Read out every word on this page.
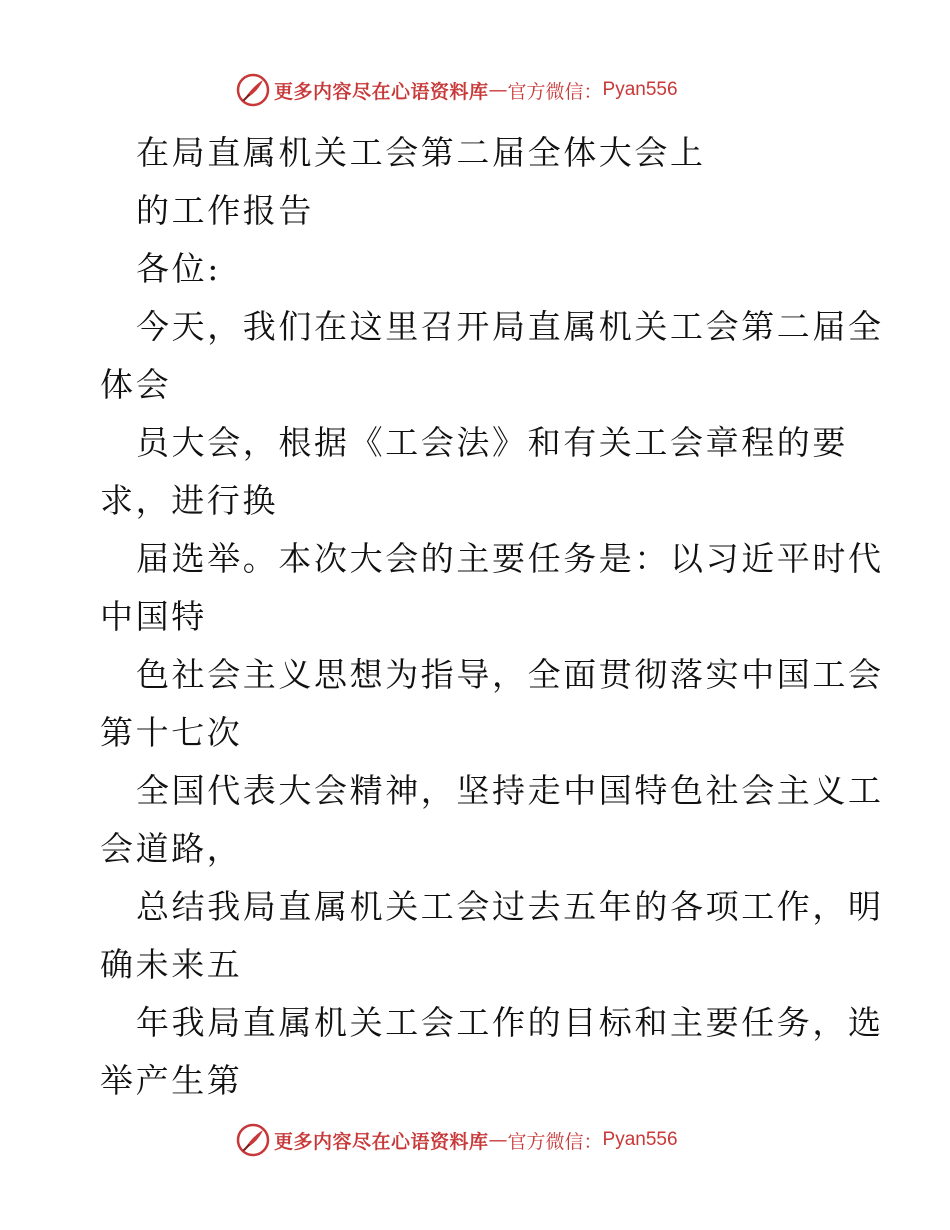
更多内容尽在心语资料库 — 官方微信： Pyan556
在局直属机关工会第二届全体大会上
的工作报告
各位:
今天，我们在这里召开局直属机关工会第二届全
体会
员大会，根据《工会法》和有关工会章程的要
求，进行换
届选举。本次大会的主要任务是：以习近平时代
中国特
色社会主义思想为指导，全面贯彻落实中国工会
第十七次
全国代表大会精神，坚持走中国特色社会主义工
会道路，
总结我局直属机关工会过去五年的各项工作，明
确未来五
年我局直属机关工会工作的目标和主要任务，选
举产生第
更多内容尽在心语资料库 — 官方微信： Pyan556
